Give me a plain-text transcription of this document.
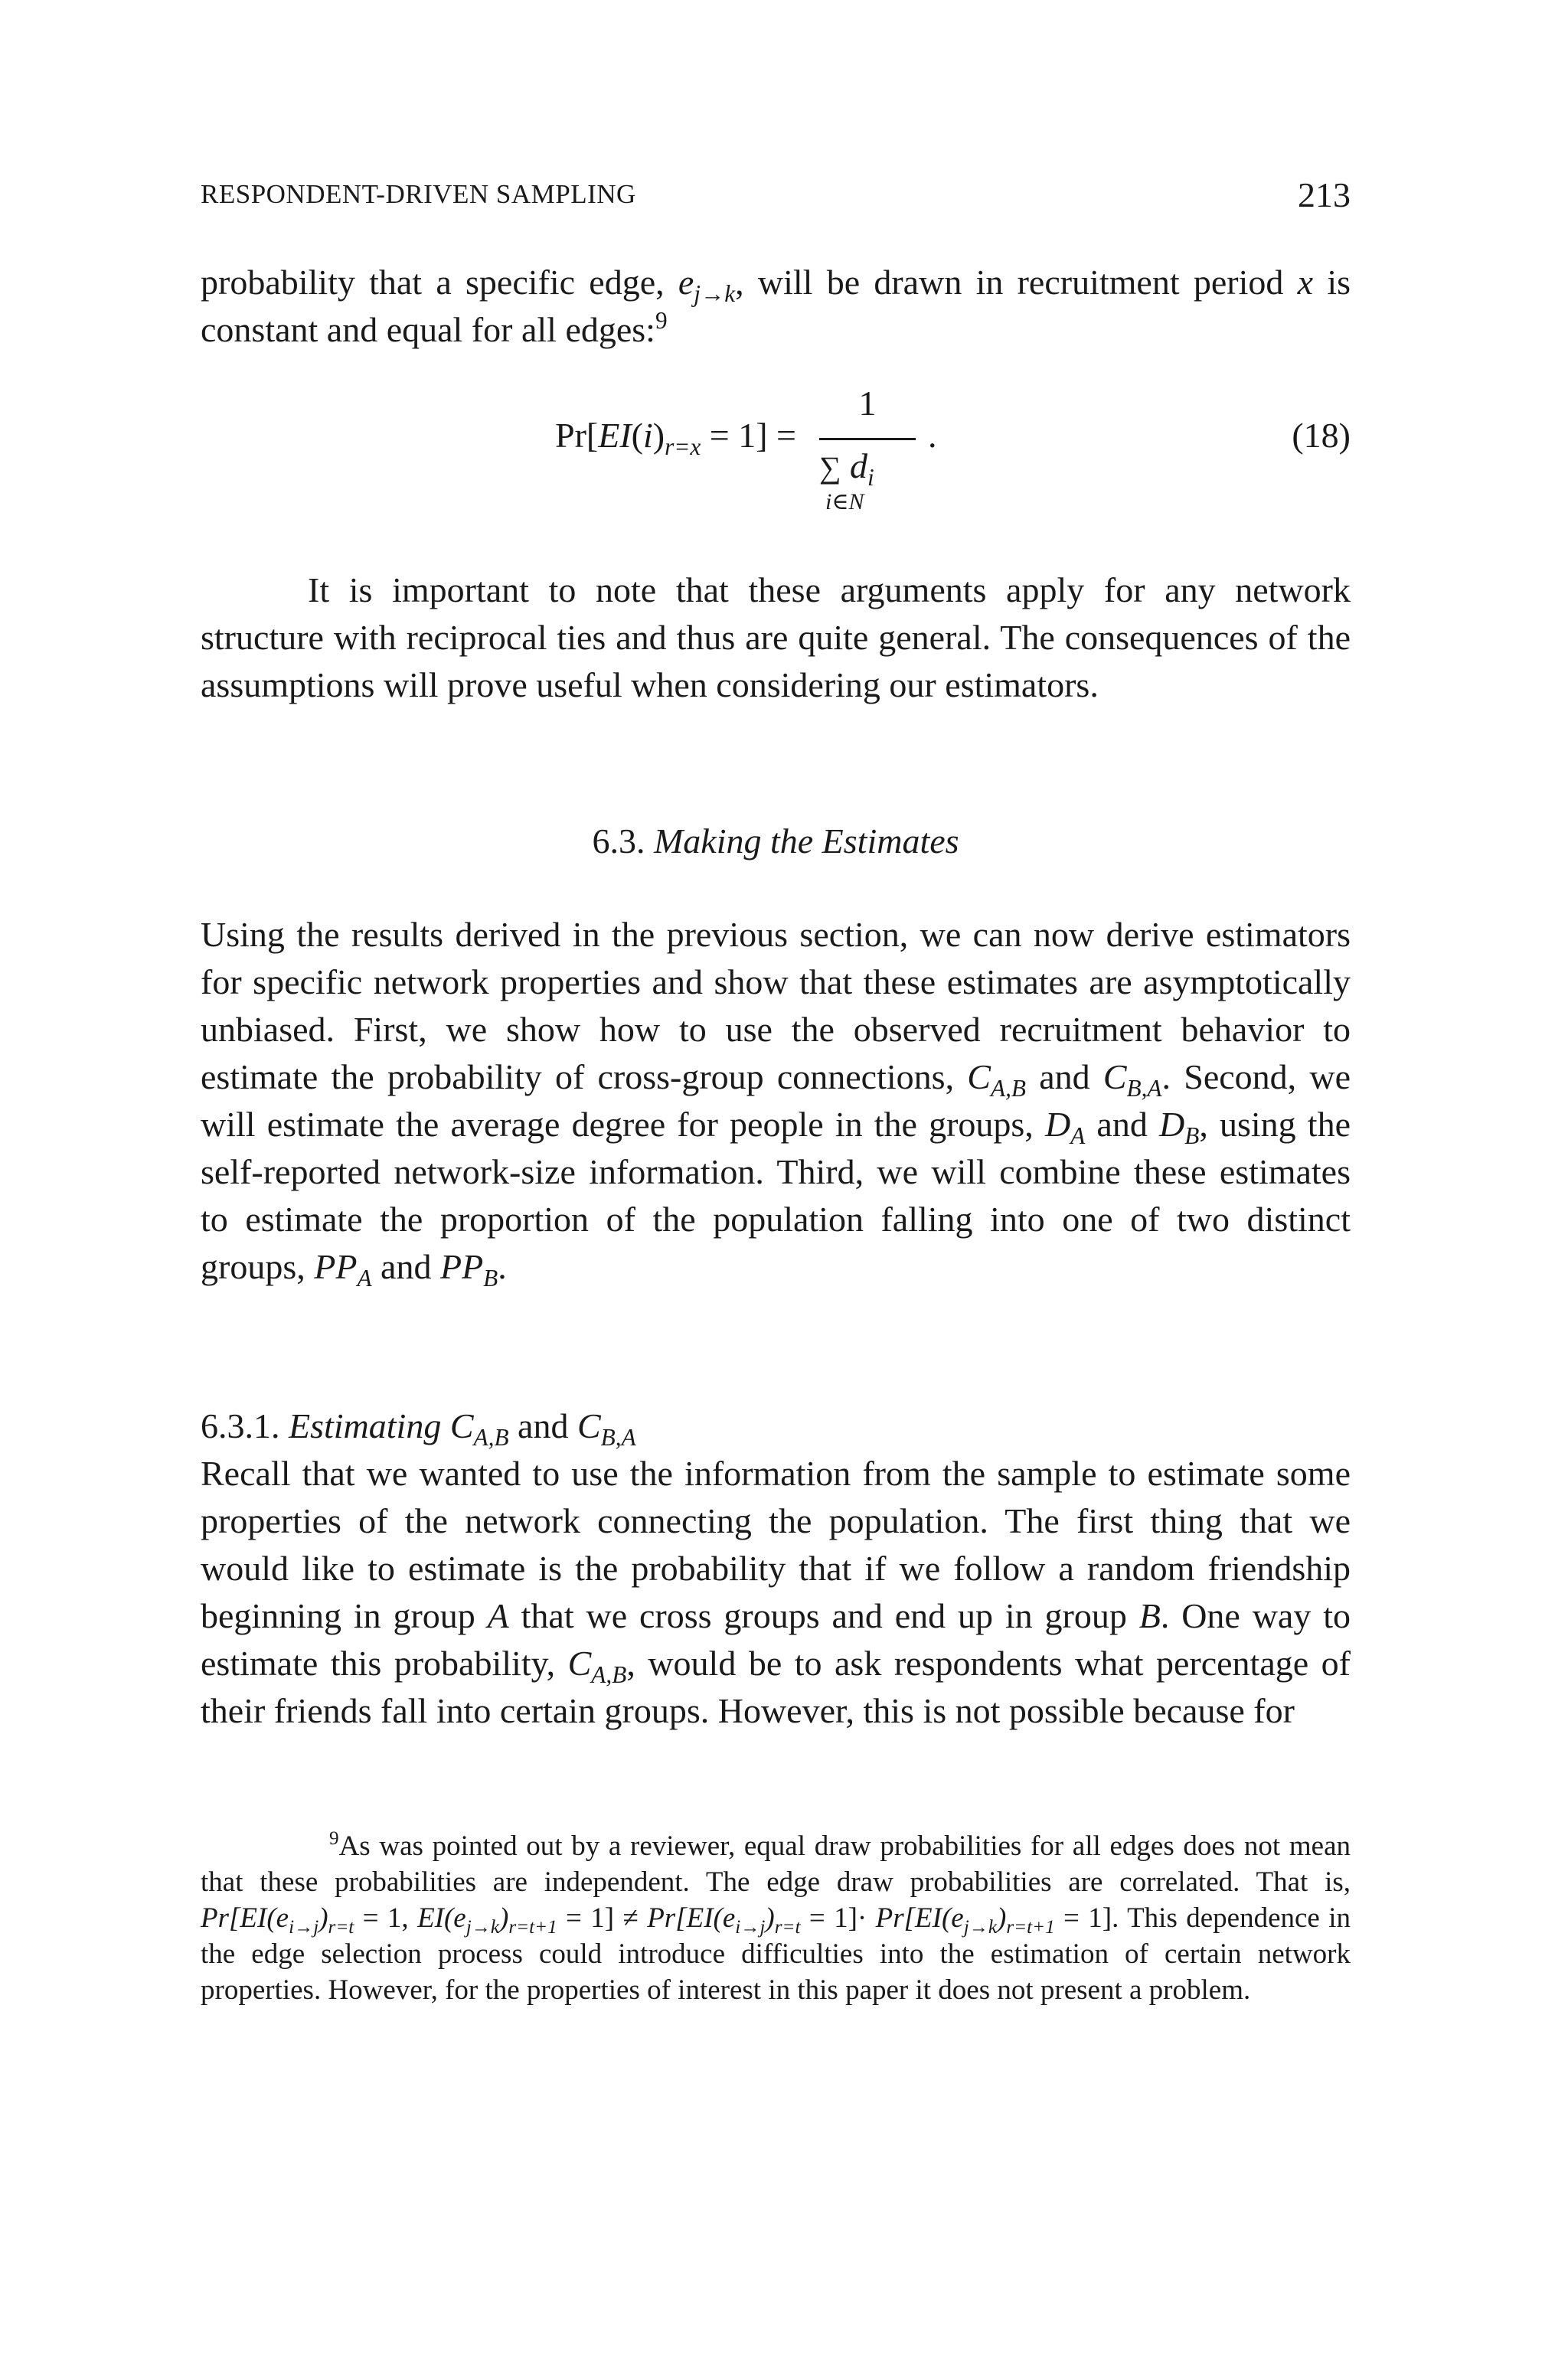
RESPONDENT-DRIVEN SAMPLING	213

probability that a specific edge, $e_{j\to k}$, will be drawn in recruitment period x is constant and equal for all edges:$^9$

$Pr[EI(i)_{r=x} = 1]$ =
1
∑ $d_i$
i∈N
.	(18)

It is important to note that these arguments apply for any network structure with reciprocal ties and thus are quite general. The consequences of the assumptions will prove useful when considering our estimators.

6.3. Making the Estimates

Using the results derived in the previous section, we can now derive estimators for specific network properties and show that these estimates are asymptotically unbiased. First, we show how to use the observed recruitment behavior to estimate the probability of cross-group connections, $C_{A,B}$ and $C_{B,A}$. Second, we will estimate the average degree for people in the groups, $D_A$ and $D_B$, using the self-reported network-size information. Third, we will combine these estimates to estimate the proportion of the population falling into one of two distinct groups, $PP_A$ and $PP_B$.

6.3.1. Estimating $C_{A,B}$ and $C_{B,A}$

Recall that we wanted to use the information from the sample to estimate some properties of the network connecting the population. The first thing that we would like to estimate is the probability that if we follow a random friendship beginning in group A that we cross groups and end up in group B. One way to estimate this probability, $C_{A,B}$, would be to ask respondents what percentage of their friends fall into certain groups. However, this is not possible because for

$^9$As was pointed out by a reviewer, equal draw probabilities for all edges does not mean that these probabilities are independent. The edge draw probabilities are correlated. That is, $Pr[EI(e_{i\to j})_{r=t} = 1$, $EI(e_{j\to k})_{r=t+1} = 1] \ne Pr[EI(e_{i\to j})_{r=t} = 1]\cdot Pr[EI(e_{j\to k})_{r=t+1} = 1]$. This dependence in the edge selection process could introduce difficulties into the estimation of certain network properties. However, for the properties of interest in this paper it does not present a problem.
